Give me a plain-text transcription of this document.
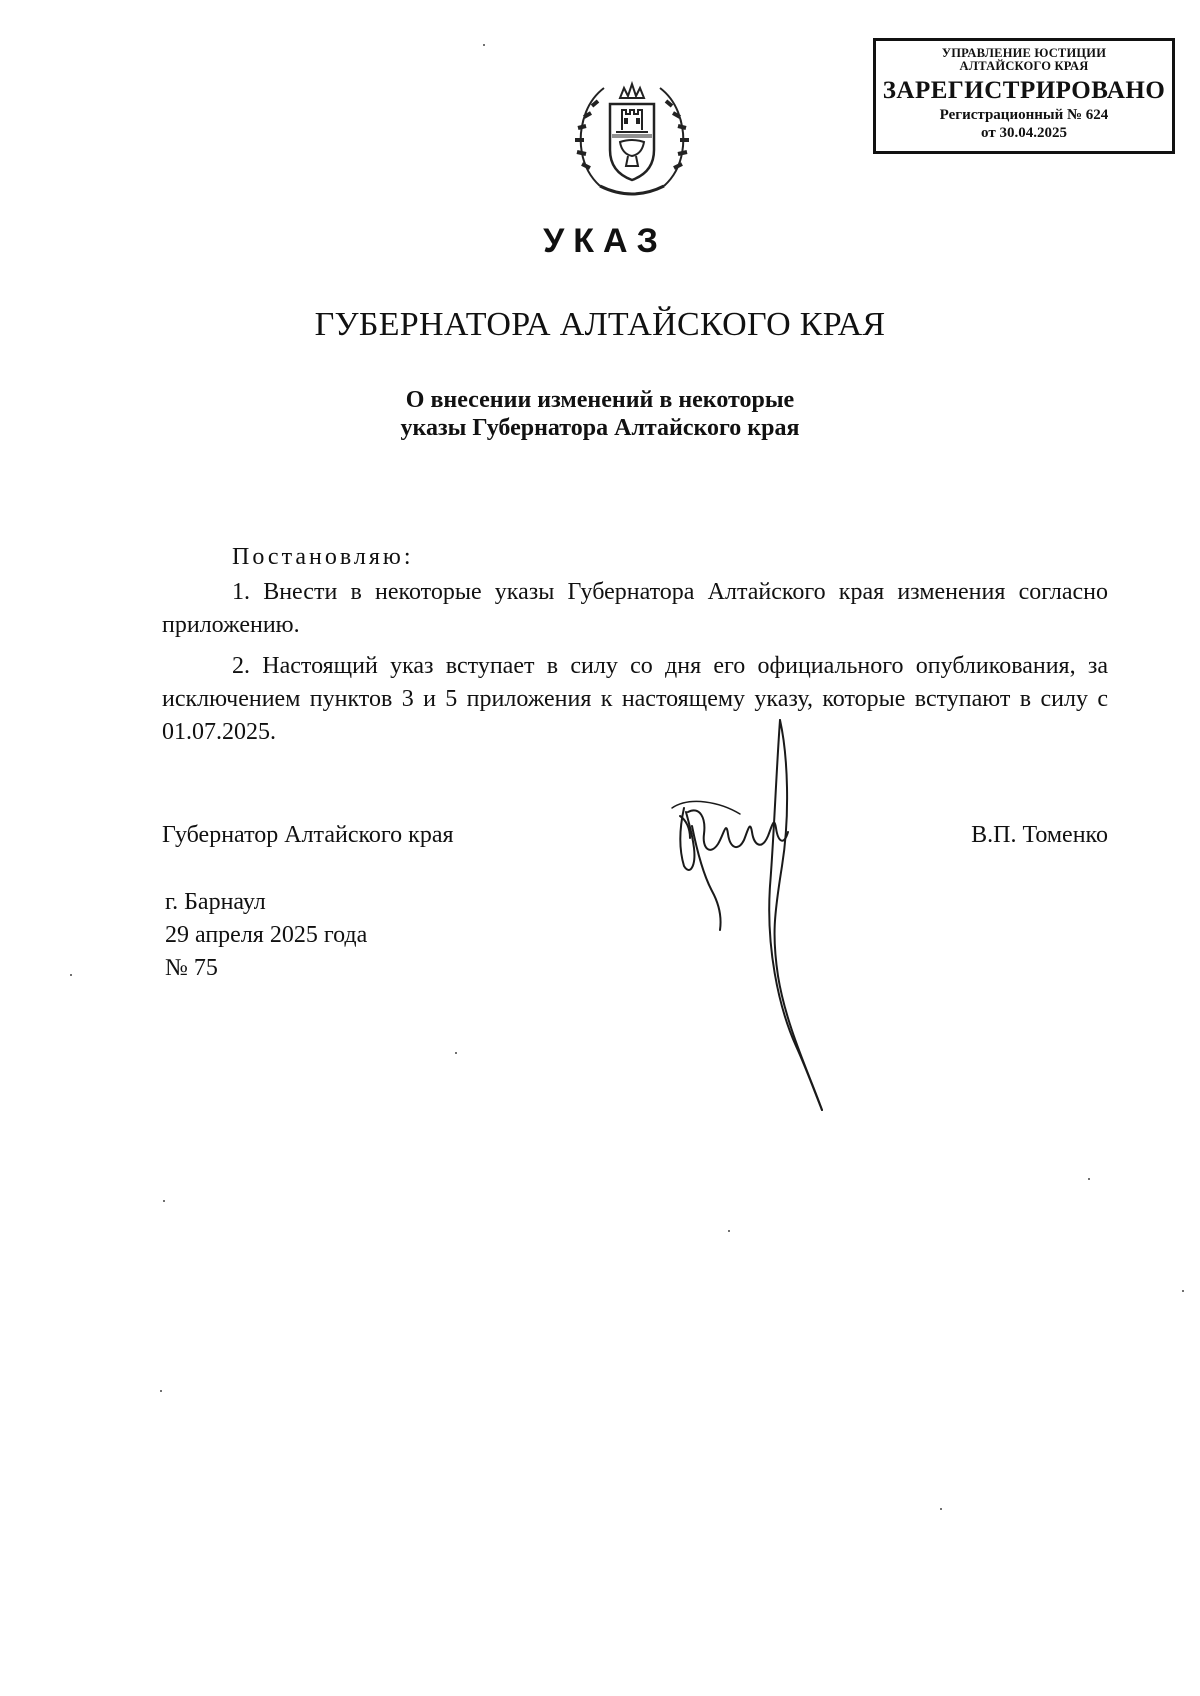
УПРАВЛЕНИЕ ЮСТИЦИИ
АЛТАЙСКОГО КРАЯ
ЗАРЕГИСТРИРОВАНО
Регистрационный № 624
от 30.04.2025
УКАЗ
ГУБЕРНАТОРА АЛТАЙСКОГО КРАЯ
О внесении изменений в некоторые
указы Губернатора Алтайского края

Постановляю:

1. Внести в некоторые указы Губернатора Алтайского края изменения согласно приложению.

2. Настоящий указ вступает в силу со дня его официального опубликования, за исключением пунктов 3 и 5 приложения к настоящему указу, которые вступают в силу с 01.07.2025.

Губернатор Алтайского края	В.П. Томенко
г. Барнаул
29 апреля 2025 года
№ 75
